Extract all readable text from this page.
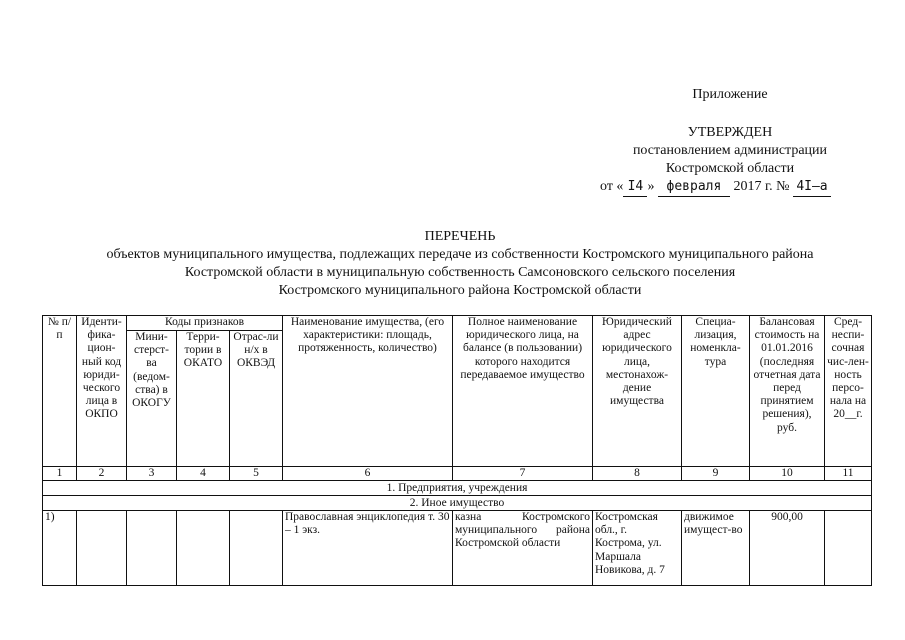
Приложение
УТВЕРЖДЕН
постановлением администрации
Костромской области
от « I4 » февраля 2017 г. № 4I–а
ПЕРЕЧЕНЬ
объектов муниципального имущества, подлежащих передаче из собственности Костромского муниципального района
Костромской области в муниципальную собственность Самсоновского сельского поселения
Костромского муниципального района Костромской области
№ п/п	Иденти-фика-цион-ный код юриди-ческого лица в ОКПО	Коды признаков			Наименование имущества, (его характеристики: площадь, протяженность, количество)	Полное наименование юридического лица, на балансе (в пользовании) которого находится передаваемое имущество	Юридический адрес юридического лица, местонахож-дение имущества	Специа-лизация, номенкла-тура	Балансовая стоимость на 01.01.2016 (последняя отчетная дата перед принятием решения), руб.	Сред-неспи-сочная чис-лен-ность персо-нала на 20__г.
		Мини-стерст-ва (ведом-ства) в ОКОГУ	Терри-тории в ОКАТО	Отрас-ли н/х в ОКВЭД						
1	2	3	4	5	6	7	8	9	10	11
1. Предприятия, учреждения										
2. Иное имущество										
1)					Православная энциклопедия т. 30 – 1 экз.	казна Костромского муниципального района Костромской области	Костромская обл., г. Кострома, ул. Маршала Новикова, д. 7	движимое имущест-во	900,00	
